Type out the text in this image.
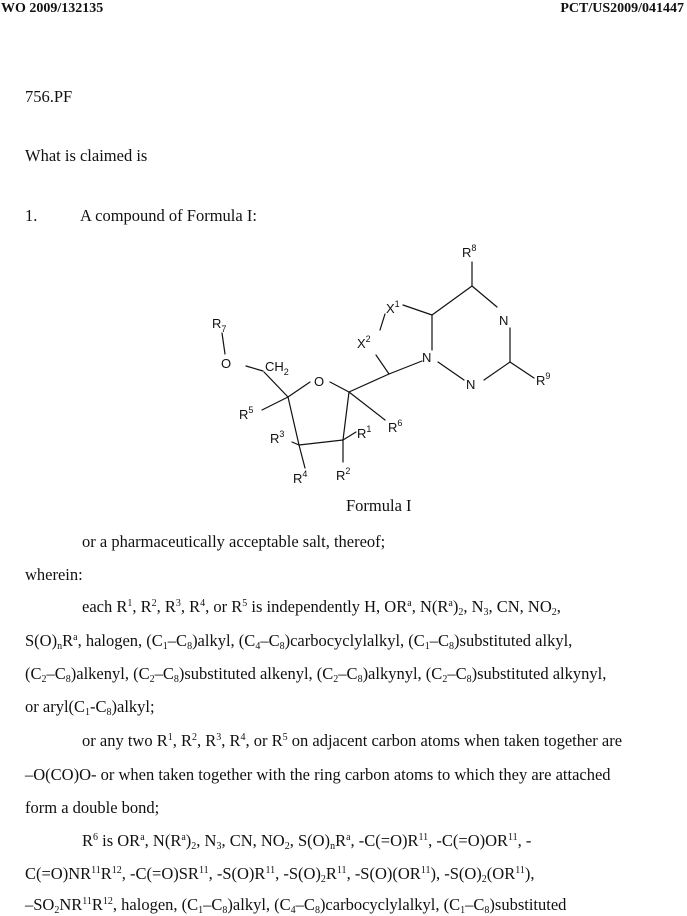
WO 2009/132135	PCT/US2009/041447
756.PF
What is claimed is
1.	A compound of Formula I:
$R^8$
$X^1$
$X^2$
N
N
N	$R^9$
$R_7$
O	$CH_2$
O
$R^5$
$R^6$
$R^3$	$R^1$
$R^4$ $R^2$
Formula I
or a pharmaceutically acceptable salt, thereof;
wherein:
each $R^1$, $R^2$, $R^3$, $R^4$, or $R^5$ is independently H, $OR^a$, $N(R^a)_2$, $N_3$, CN, $NO_2$,
$S(O)_nR^a$, halogen, $(C_1-C_8)alkyl$, $(C_4-C_8)carbocyclylalkyl$, $(C_1-C_8)substituted$ alkyl,
$(C_2-C_8)alkenyl$, $(C_2-C_8)substituted$ alkenyl, $(C_2-C_8)alkynyl$, $(C_2-C_8)substituted$ alkynyl,
or $aryl(C_1-C_8)alkyl$;
or any two $R^1$, $R^2$, $R^3$, $R^4$, or $R^5$ on adjacent carbon atoms when taken together are
–O(CO)O- or when taken together with the ring carbon atoms to which they are attached
form a double bond;
$R^6$ is $OR^a$, $N(R^a)_2$, $N_3$, CN, $NO_2$, $S(O)_nR^a$, $-C(=O)R^{11}$, $-C(=O)OR^{11}$, -
$C(=O)NR^{11}R^{12}$, $-C(=O)SR^{11}$, $-S(O)R^{11}$, $-S(O)_2R^{11}$, -S(O)(OR$^{11}$), $-S(O)_2(OR^{11})$,
$-SO_2NR^{11}R^{12}$, halogen, $(C_1-C_8)alkyl$, $(C_4-C_8)carbocyclylalkyl$, $(C_1-C_8)substituted$
